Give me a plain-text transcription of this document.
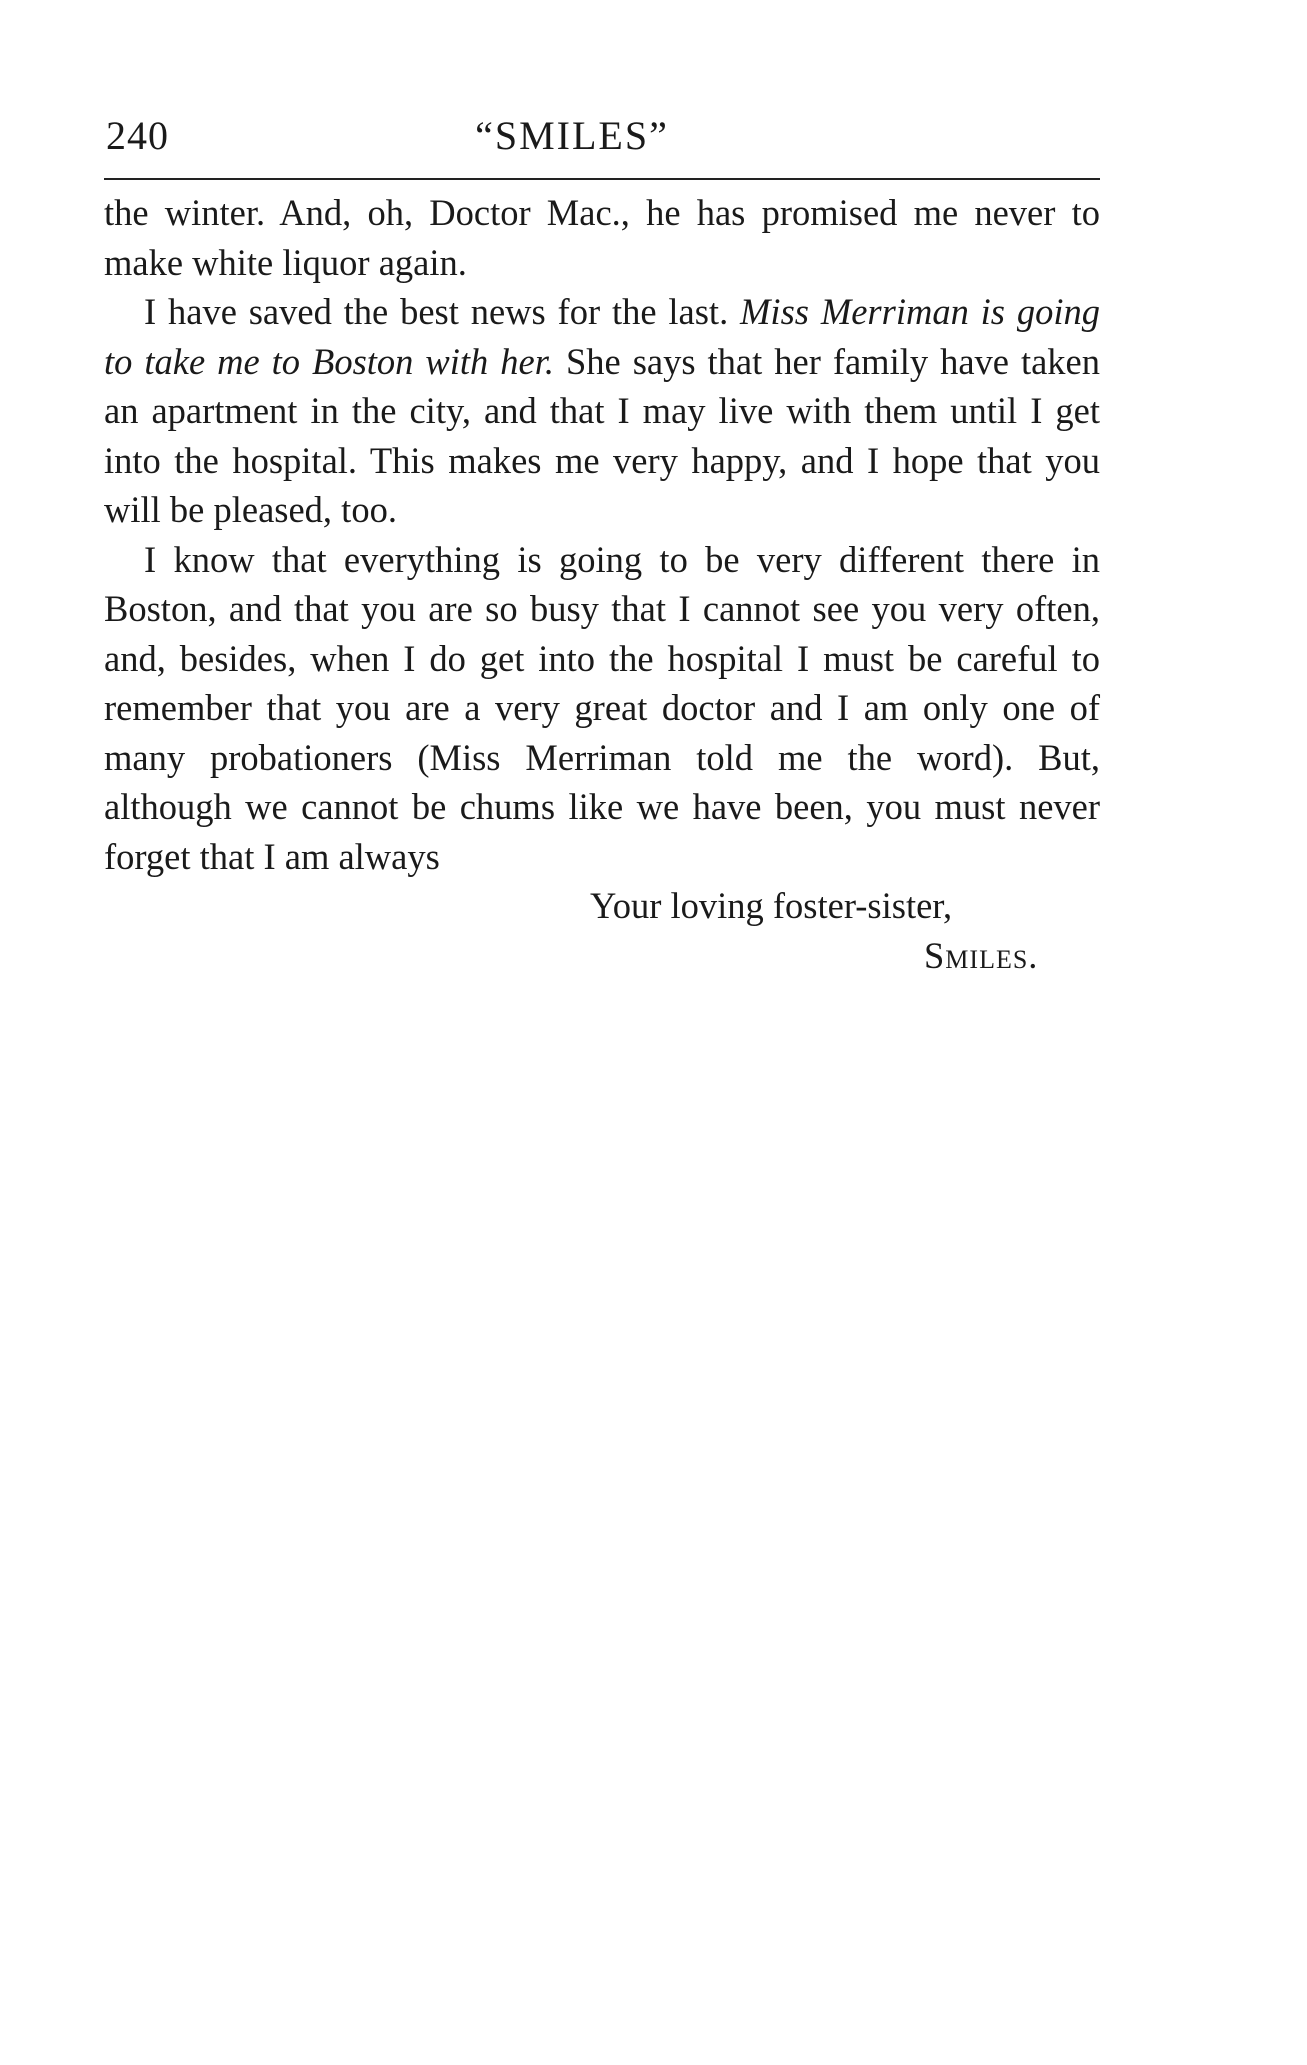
240	“SMILES”

the winter. And, oh, Doctor Mac., he has promised me never to make white liquor again.

I have saved the best news for the last. Miss Merriman is going to take me to Boston with her. She says that her family have taken an apartment in the city, and that I may live with them until I get into the hospital. This makes me very happy, and I hope that you will be pleased, too.

I know that everything is going to be very different there in Boston, and that you are so busy that I cannot see you very often, and, besides, when I do get into the hospital I must be careful to remember that you are a very great doctor and I am only one of many probationers (Miss Merriman told me the word). But, although we cannot be chums like we have been, you must never forget that I am always

Your loving foster-sister,
Smiles.
